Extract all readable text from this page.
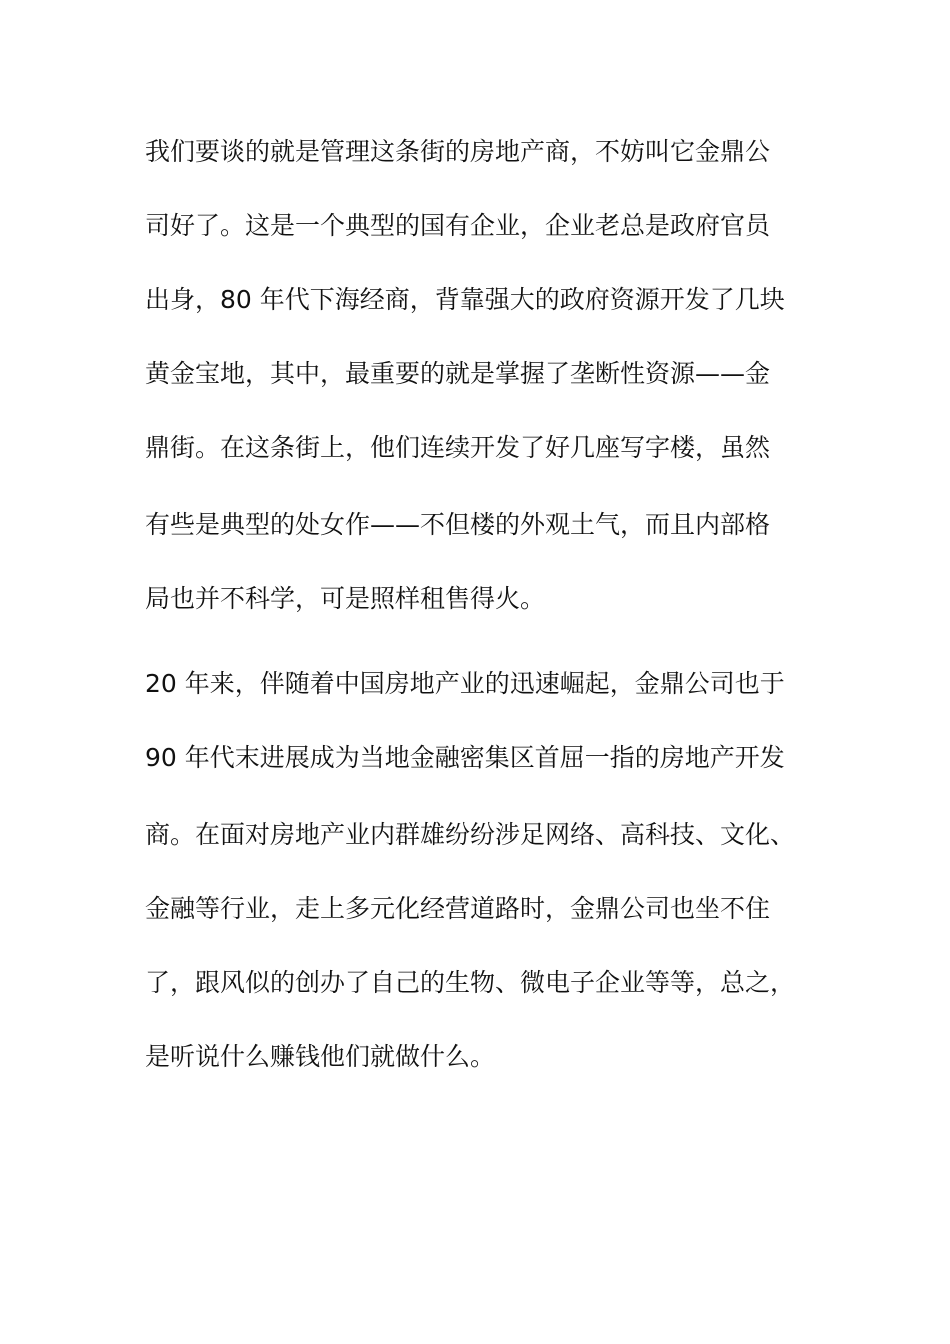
我们要谈的就是管理这条街的房地产商，不妨叫它金鼎公
司好了。这是一个典型的国有企业，企业老总是政府官员
出身，80 年代下海经商，背靠强大的政府资源开发了几块
黄金宝地，其中，最重要的就是掌握了垄断性资源——金
鼎街。在这条街上，他们连续开发了好几座写字楼，虽然
有些是典型的处女作——不但楼的外观土气，而且内部格
局也并不科学，可是照样租售得火。
20 年来，伴随着中国房地产业的迅速崛起，金鼎公司也于
90 年代末进展成为当地金融密集区首屈一指的房地产开发
商。在面对房地产业内群雄纷纷涉足网络、高科技、文化、
金融等行业，走上多元化经营道路时，金鼎公司也坐不住
了，跟风似的创办了自己的生物、微电子企业等等，总之，
是听说什么赚钱他们就做什么。
